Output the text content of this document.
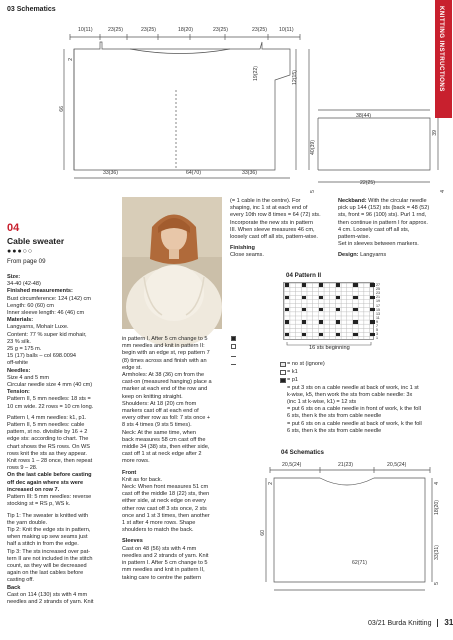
03 Schematics	KNITTING INSTRUCTIONS
10(11)	23(25)	23(25)	18(20)	23(25)	23(25) 10(11)
2
66
19(22)	12(15)
33(36)	64(70)	33(36)
40(39)
5
38(44)
39
22(25)
4
04
Cable sweater
●●●○○
From page 09
Size:
34-40 (42-48)
Finished measurements:
Bust circumference: 124 (142) cm
Length: 60 (60) cm
Inner sleeve length: 46 (46) cm
Materials:
Langyarns, Mohair Luxe.
Content: 77 % super kid mohair,
23 % silk.
25 g = 175 m.
15 (17) balls – col 698.0094
off-white
Needles:
Size 4 and 5 mm
Circular needle size 4 mm (40 cm)
Tension:
Pattern II, 5 mm needles: 18 sts =
10 cm wide. 22 rows = 10 cm long.
Pattern I, 4 mm needles: k1, p1.
Pattern II, 5 mm needles: cable
pattern, st no. divisible by 16 + 2
edge sts: according to chart. The
chart shows the RS rows. On WS
rows knit the sts as they appear.
Knit rows 1 – 28 once, then repeat
rows 9 – 28.
On the last cable before casting
off dec again where sts were
increased on row 7.
Pattern III: 5 mm needles: reverse
stocking st = RS p, WS k.
Tip 1: The sweater is knitted with
the yarn double.
Tip 2: Knit the edge sts in pattern,
when making up sew seams just
half a stitch in from the edge.
Tip 3: The sts increased over pat-
tern II are not included in the stitch
count, as they will be decreased
again on the last cables before
casting off.
Back
Cast on 114 (130) sts with 4 mm
needles and 2 strands of yarn. Knit
in pattern I. After 5 cm change to 5
mm needles and knit in pattern II:
begin with an edge st, rep pattern 7
(8) times across and finish with an
edge st.
Armholes: At 38 (36) cm from the
cast-on (measured hanging) place a
marker at each end of the row and
keep on knitting straight.
Shoulders: At 18 (20) cm from
markers cast off at each end of
every other row as foll: 7 sts once +
8 sts 4 times (9 sts 5 times).
Neck: At the same time, when
back measures 58 cm cast off the
middle 34 (38) sts, then either side,
cast off 1 st at neck edge after 2
more rows.
Front
Knit as for back.
Neck: When front measures 51 cm
cast off the middle 18 (22) sts, then
either side, at neck edge on every
other row cast off 3 sts once, 2 sts
once and 1 st 3 times, then another
1 st after 4 more rows. Shape
shoulders to match the back.
Sleeves
Cast on 48 (56) sts with 4 mm
needles and 2 strands of yarn. Knit
in pattern I. After 5 cm change to 5
mm needles and knit in pattern II,
taking care to centre the pattern
(= 1 cable in the centre). For
shaping, inc 1 st at each end of
every 10th row 8 times = 64 (72) sts.
Incorporate the new sts in pattern
III. When sleeve measures 46 cm,
loosely cast off all sts, pattern-wise.
Finishing
Close seams.
Neckband: With the circular needle
pick up 144 (152) sts (back = 48 (52)
sts, front = 96 (100) sts). Purl 1 rnd,
then continue in pattern I for approx.
4 cm. Loosely cast off all sts,
pattern-wise.
Set in sleeves between markers.
Design: Langyarns
04 Pattern II
27
25
23
21
19
17
15
13
11
9
7
5
3
1
16 sts beginning
= no st (ignore)
= k1
= p1
= put 3 sts on a cable needle at back of work, inc 1 st k-wise, k5, then work the sts from cable needle: 3x (inc 1 st k-wise, k1) = 12 sts
= put 6 sts on a cable needle in front of work, k the foll 6 sts, then k the sts from cable needle
= put 6 sts on a cable needle at back of work, k the foll 6 sts, then k the sts from cable needle
04 Schematics
20,5(24)	21(23)	20,5(24)
2
60
4
18(20)
33(31)
62(71)
5
03/21 Burda Knitting 31
